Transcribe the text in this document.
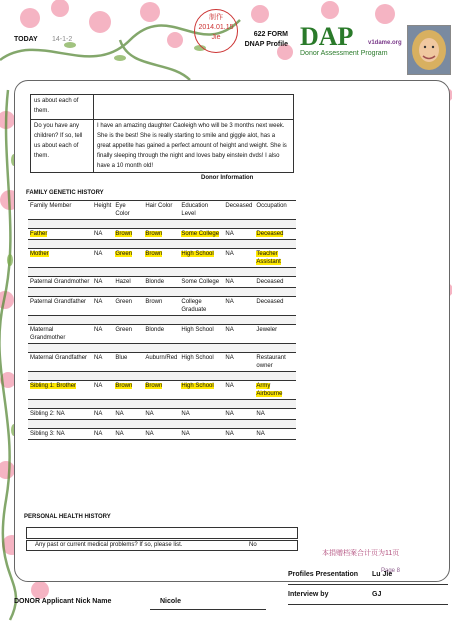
TODAY 14-1-2
制作
2014.01.15
Jie	622 FORM
DNAP Profile DAP v1dame.org
Donor Assessment Program
us about each of them.	
Do you have any children? If so, tell us about each of them.	I have an amazing daughter Caoleigh who will be 3 months next week. She is the best! She is really starting to smile and giggle alot, has a great appetite has gained a perfect amount of height and weight. She is finally sleeping through the night and loves baby einstein dvds! I also have a 10 month old!
Donor Information
FAMILY GENETIC HISTORY
Family Member	Height	Eye Color	Hair Color	Education Level	Deceased	Occupation

Father	NA	Brown	Brown	Some College	NA	Deceased

Mother	NA	Green	Brown	High School	NA	Teacher Assistant

Paternal Grandmother	NA	Hazel	Blonde	Some College	NA	Deceased

Paternal Grandfather	NA	Green	Brown	College Graduate	NA	Deceased

Maternal Grandmother	NA	Green	Blonde	High School	NA	Jeweler

Maternal Grandfather	NA	Blue	Auburn/Red	High School	NA	Restaurant owner

Sibling 1: Brother	NA	Brown	Brown	High School	NA	Army Airbourne

Sibling 2: NA	NA	NA	NA	NA	NA	NA

Sibling 3: NA	NA	NA	NA	NA	NA	NA
PERSONAL HEALTH HISTORY
Any past or current medical problems? If so, please list.	No
本捐赠档案合计页为11页
Page 8
Profiles Presentation Lu Jie
Interview by	GJ
DONOR Applicant Nick Name	Nicole
